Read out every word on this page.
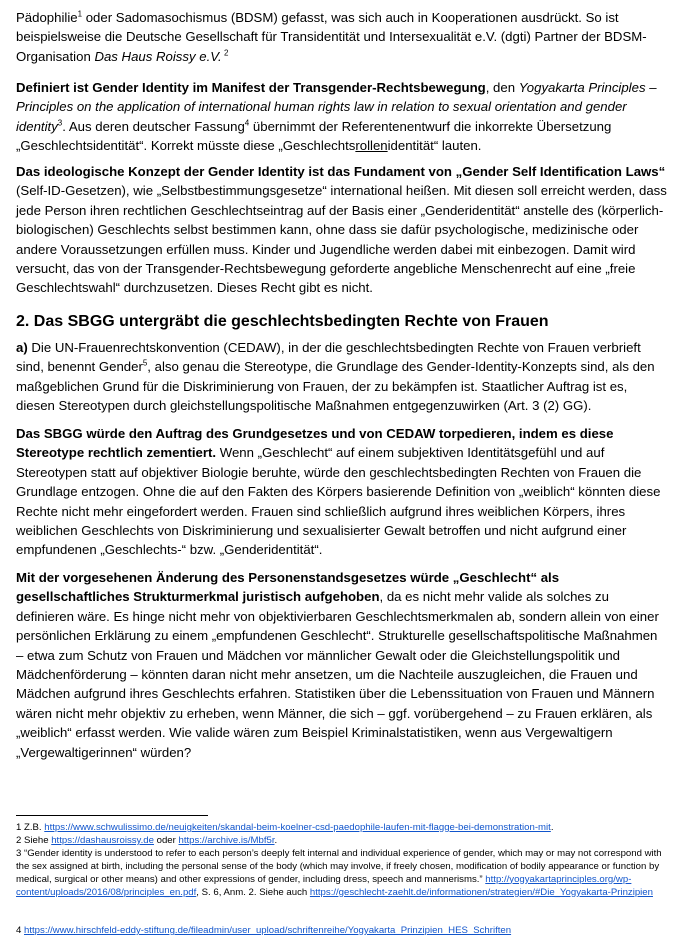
Pädophilie$^1$ oder Sadomasochismus (BDSM) gefasst, was sich auch in Kooperationen ausdrückt. So ist beispielsweise die Deutsche Gesellschaft für Transidentität und Intersexualität e.V. (dgti) Partner der BDSM-Organisation Das Haus Roissy e.V. $^2$

Definiert ist Gender Identity im Manifest der Transgender-Rechtsbewegung, den Yogyakarta Principles – Principles on the application of international human rights law in relation to sexual orientation and gender identity$^3$. Aus deren deutscher Fassung$^4$ übernimmt der Referentenentwurf die inkorrekte Übersetzung „Geschlechtsidentität“. Korrekt müsste diese „Geschlechtsrollenidentität“ lauten.

Das ideologische Konzept der Gender Identity ist das Fundament von „Gender Self Identification Laws“ (Self-ID-Gesetzen), wie „Selbstbestimmungsgesetze“ international heißen. Mit diesen soll erreicht werden, dass jede Person ihren rechtlichen Geschlechtseintrag auf der Basis einer „Genderidentität“ anstelle des (körperlich-biologischen) Geschlechts selbst bestimmen kann, ohne dass sie dafür psychologische, medizinische oder andere Voraussetzungen erfüllen muss. Kinder und Jugendliche werden dabei mit einbezogen. Damit wird versucht, das von der Transgender-Rechtsbewegung geforderte angebliche Menschenrecht auf eine „freie Geschlechtswahl“ durchzusetzen. Dieses Recht gibt es nicht.

2. Das SBGG untergräbt die geschlechtsbedingten Rechte von Frauen

a) Die UN-Frauenrechtskonvention (CEDAW), in der die geschlechtsbedingten Rechte von Frauen verbrieft sind, benennt Gender$^5$, also genau die Stereotype, die Grundlage des Gender-Identity-Konzepts sind, als den maßgeblichen Grund für die Diskriminierung von Frauen, der zu bekämpfen ist. Staatlicher Auftrag ist es, diesen Stereotypen durch gleichstellungspolitische Maßnahmen entgegenzuwirken (Art. 3 (2) GG).

Das SBGG würde den Auftrag des Grundgesetzes und von CEDAW torpedieren, indem es diese Stereotype rechtlich zementiert. Wenn „Geschlecht“ auf einem subjektiven Identitätsgefühl und auf Stereotypen statt auf objektiver Biologie beruhte, würde den geschlechtsbedingten Rechten von Frauen die Grundlage entzogen. Ohne die auf den Fakten des Körpers basierende Definition von „weiblich“ könnten diese Rechte nicht mehr eingefordert werden. Frauen sind schließlich aufgrund ihres weiblichen Körpers, ihres weiblichen Geschlechts von Diskriminierung und sexualisierter Gewalt betroffen und nicht aufgrund einer empfundenen „Geschlechts-“ bzw. „Genderidentität“.

Mit der vorgesehenen Änderung des Personenstandsgesetzes würde „Geschlecht“ als gesellschaftliches Strukturmerkmal juristisch aufgehoben, da es nicht mehr valide als solches zu definieren wäre. Es hinge nicht mehr von objektivierbaren Geschlechtsmerkmalen ab, sondern allein von einer persönlichen Erklärung zu einem „empfundenen Geschlecht“. Strukturelle gesellschaftspolitische Maßnahmen – etwa zum Schutz von Frauen und Mädchen vor männlicher Gewalt oder die Gleichstellungspolitik und Mädchenförderung – könnten daran nicht mehr ansetzen, um die Nachteile auszugleichen, die Frauen und Mädchen aufgrund ihres Geschlechts erfahren. Statistiken über die Lebenssituation von Frauen und Männern wären nicht mehr objektiv zu erheben, wenn Männer, die sich – ggf. vorübergehend – zu Frauen erklären, als „weiblich“ erfasst werden. Wie valide wären zum Beispiel Kriminalstatistiken, wenn aus Vergewaltigern „Vergewaltigerinnen“ würden?

1 Z.B. https://www.schwulissimo.de/neuigkeiten/skandal-beim-koelner-csd-paedophile-laufen-mit-flagge-bei-demonstration-mit.

2 Siehe https://dashausroissy.de oder https://archive.is/Mbf5r.

3 “Gender identity is understood to refer to each person’s deeply felt internal and individual experience of gender, which may or may not correspond with the sex assigned at birth, including the personal sense of the body (which may involve, if freely chosen, modification of bodily appearance or function by medical, surgical or other means) and other expressions of gender, including dress, speech and mannerisms.” http://yogyakartaprinciples.org/wp-content/uploads/2016/08/principles_en.pdf, S. 6, Anm. 2. Siehe auch https://geschlecht-zaehlt.de/informationen/strategien/#Die_Yogyakarta-Prinzipien

4 https://www.hirschfeld-eddy-stiftung.de/fileadmin/user_upload/schriftenreihe/Yogyakarta_Prinzipien_HES_Schriften
